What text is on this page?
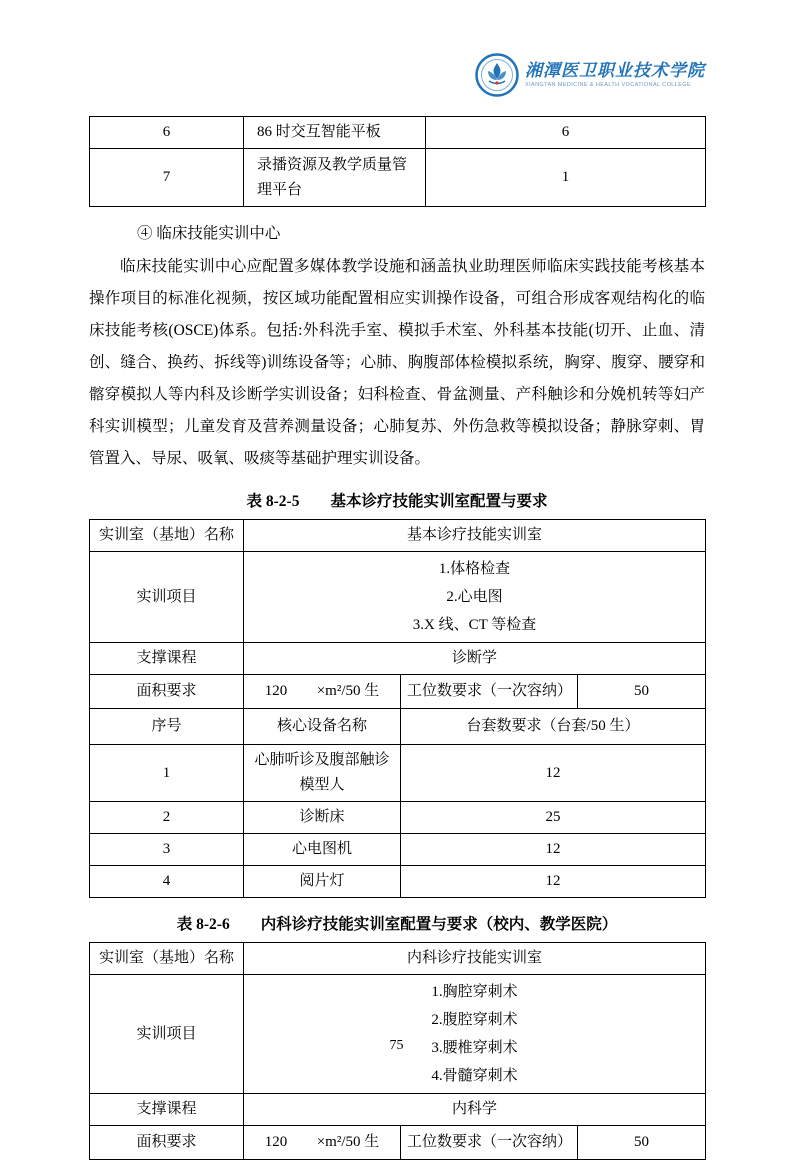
湘潭医卫职业技术学院
XIANGTAN MEDICINE & HEALTH VOCATIONAL COLLEGE
6	86 时交互智能平板	6
7	录播资源及教学质量管理平台	1
④ 临床技能实训中心
临床技能实训中心应配置多媒体教学设施和涵盖执业助理医师临床实践技能考核基本操作项目的标准化视频，按区域功能配置相应实训操作设备，可组合形成客观结构化的临床技能考核(OSCE)体系。包括:外科洗手室、模拟手术室、外科基本技能(切开、止血、清创、缝合、换药、拆线等)训练设备等；心肺、胸腹部体检模拟系统，胸穿、腹穿、腰穿和髂穿模拟人等内科及诊断学实训设备；妇科检查、骨盆测量、产科触诊和分娩机转等妇产科实训模型；儿童发育及营养测量设备；心肺复苏、外伤急救等模拟设备；静脉穿刺、胃管置入、导尿、吸氧、吸痰等基础护理实训设备。
表 8-2-5　　基本诊疗技能实训室配置与要求
实训室（基地）名称	基本诊疗技能实训室		
实训项目	1.体格检查
2.心电图
3.X 线、CT 等检查		

支撑课程	诊断学		
面积要求	120 ×m²/50 生	工位数要求（一次容纳）	50
序号	核心设备名称	台套数要求（台套/50 生）	
1	心肺听诊及腹部触诊模型人	12	
2	诊断床	25	
3	心电图机	12	
4	阅片灯	12	
表 8-2-6　　内科诊疗技能实训室配置与要求（校内、教学医院）
实训室（基地）名称	内科诊疗技能实训室		
实训项目	1.胸腔穿刺术
2.腹腔穿刺术
3.腰椎穿刺术
4.骨髓穿刺术		

支撑课程	内科学		
面积要求	120 ×m²/50 生	工位数要求（一次容纳）	50
75
